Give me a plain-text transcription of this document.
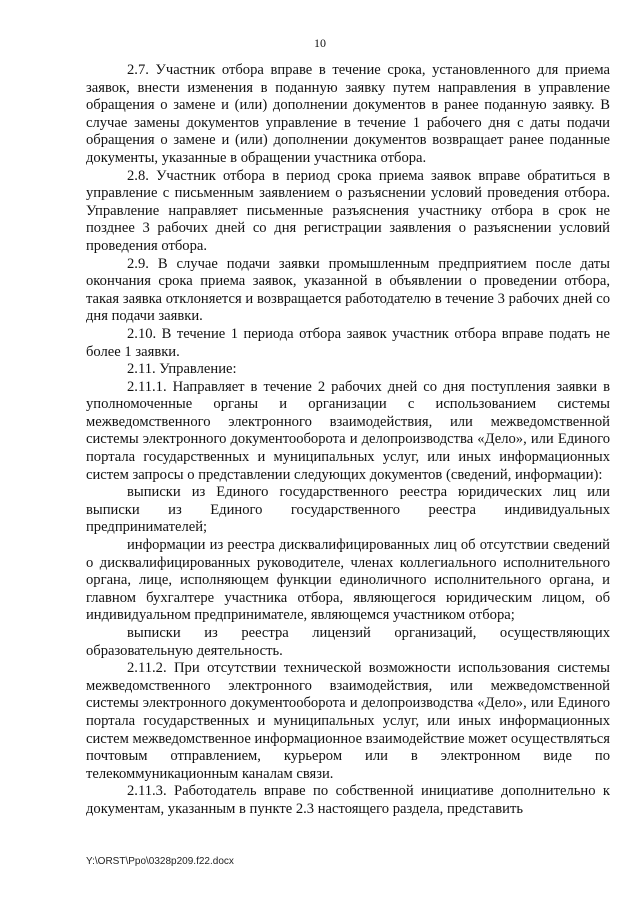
10

2.7. Участник отбора вправе в течение срока, установленного для приема заявок, внести изменения в поданную заявку путем направления в управление обращения о замене и (или) дополнении документов в ранее поданную заявку. В случае замены документов управление в течение 1 рабочего дня с даты подачи обращения о замене и (или) дополнении документов возвращает ранее поданные документы, указанные в обращении участника отбора.

2.8. Участник отбора в период срока приема заявок вправе обратиться в управление с письменным заявлением о разъяснении условий проведения отбора. Управление направляет письменные разъяснения участнику отбора в срок не позднее 3 рабочих дней со дня регистрации заявления о разъяснении условий проведения отбора.

2.9. В случае подачи заявки промышленным предприятием после даты окончания срока приема заявок, указанной в объявлении о проведении отбора, такая заявка отклоняется и возвращается работодателю в течение 3 рабочих дней со дня подачи заявки.

2.10. В течение 1 периода отбора заявок участник отбора вправе подать не более 1 заявки.

2.11. Управление:

2.11.1. Направляет в течение 2 рабочих дней со дня поступления заявки в уполномоченные органы и организации с использованием системы межведомственного электронного взаимодействия, или межведомственной системы электронного документооборота и делопроизводства «Дело», или Единого портала государственных и муниципальных услуг, или иных информационных систем запросы о представлении следующих документов (сведений, информации):

выписки из Единого государственного реестра юридических лиц или выписки из Единого государственного реестра индивидуальных предпринимателей;

информации из реестра дисквалифицированных лиц об отсутствии сведений о дисквалифицированных руководителе, членах коллегиального исполнительного органа, лице, исполняющем функции единоличного исполнительного органа, и главном бухгалтере участника отбора, являющегося юридическим лицом, об индивидуальном предпринимателе, являющемся участником отбора;

выписки из реестра лицензий организаций, осуществляющих образовательную деятельность.

2.11.2. При отсутствии технической возможности использования системы межведомственного электронного взаимодействия, или межведомственной системы электронного документооборота и делопроизводства «Дело», или Единого портала государственных и муниципальных услуг, или иных информационных систем межведомственное информационное взаимодействие может осуществляться почтовым отправлением, курьером или в электронном виде по телекоммуникационным каналам связи.

2.11.3. Работодатель вправе по собственной инициативе дополнительно к документам, указанным в пункте 2.3 настоящего раздела, представить

Y:\ORST\Ppo\0328p209.f22.docx
